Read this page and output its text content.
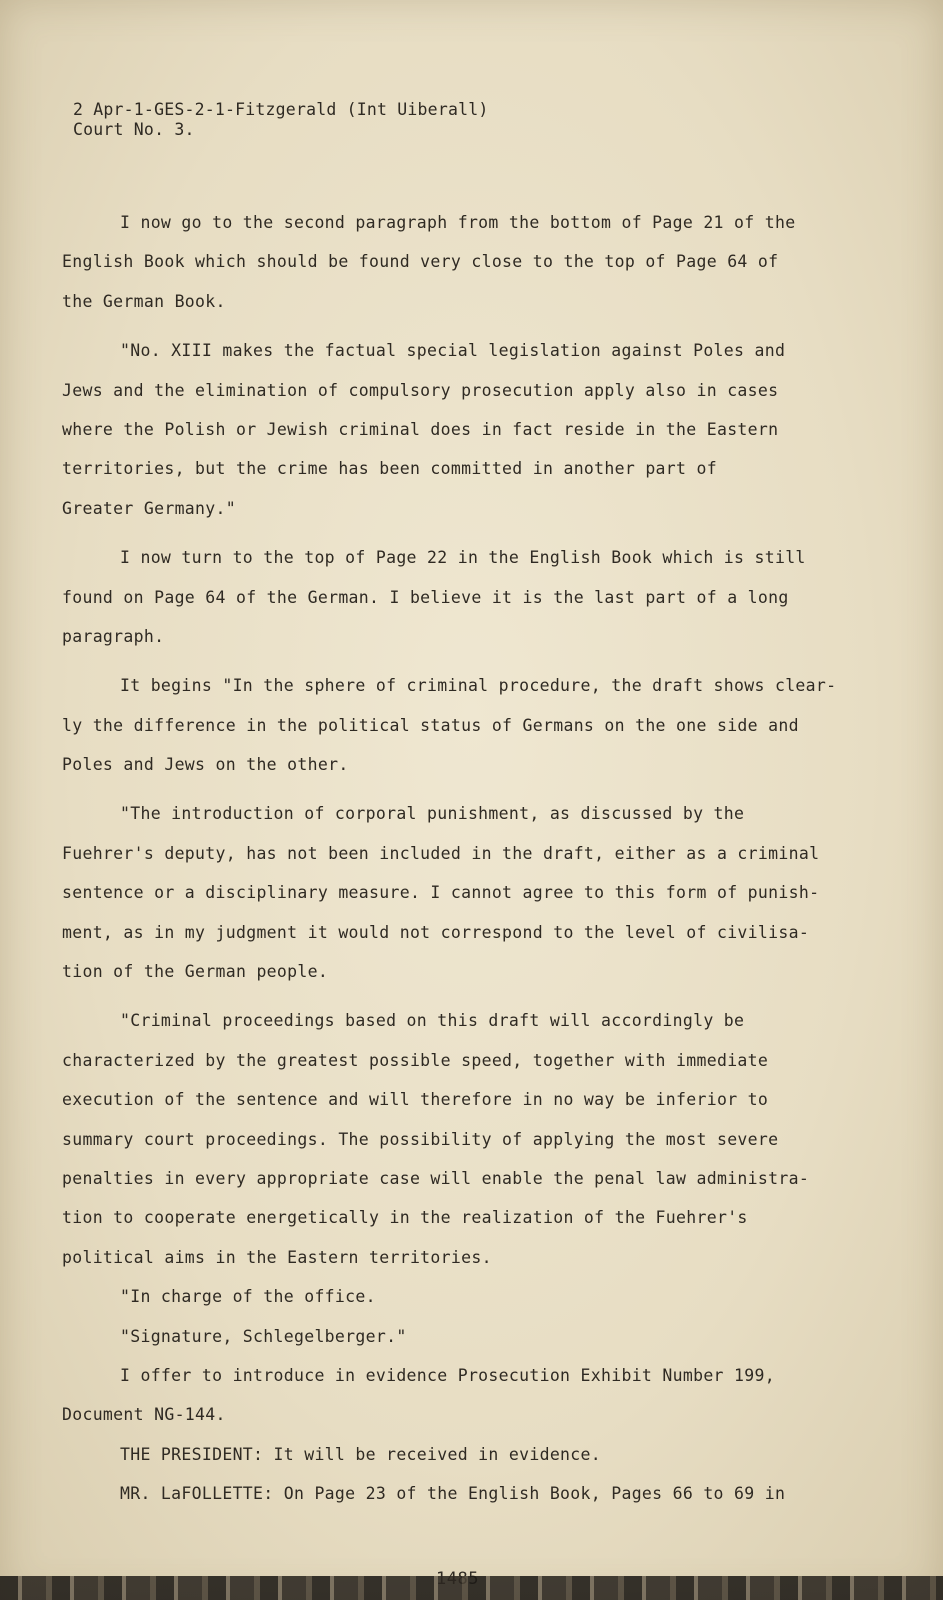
2 Apr-1-GES-2-1-Fitzgerald (Int Uiberall)
Court No. 3.
I now go to the second paragraph from the bottom of Page 21 of the
English Book which should be found very close to the top of Page 64 of
the German Book.
"No. XIII makes the factual special legislation against Poles and
Jews and the elimination of compulsory prosecution apply also in cases
where the Polish or Jewish criminal does in fact reside in the Eastern
territories, but the crime has been committed in another part of
Greater Germany."
I now turn to the top of Page 22 in the English Book which is still
found on Page 64 of the German. I believe it is the last part of a long
paragraph.
It begins "In the sphere of criminal procedure, the draft shows clear-
ly the difference in the political status of Germans on the one side and
Poles and Jews on the other.
"The introduction of corporal punishment, as discussed by the
Fuehrer's deputy, has not been included in the draft, either as a criminal
sentence or a disciplinary measure. I cannot agree to this form of punish-
ment, as in my judgment it would not correspond to the level of civilisa-
tion of the German people.
"Criminal proceedings based on this draft will accordingly be
characterized by the greatest possible speed, together with immediate
execution of the sentence and will therefore in no way be inferior to
summary court proceedings. The possibility of applying the most severe
penalties in every appropriate case will enable the penal law administra-
tion to cooperate energetically in the realization of the Fuehrer's
political aims in the Eastern territories.
"In charge of the office.
"Signature, Schlegelberger."
I offer to introduce in evidence Prosecution Exhibit Number 199,
Document NG-144.
THE PRESIDENT: It will be received in evidence.
MR. LaFOLLETTE: On Page 23 of the English Book, Pages 66 to 69 in
